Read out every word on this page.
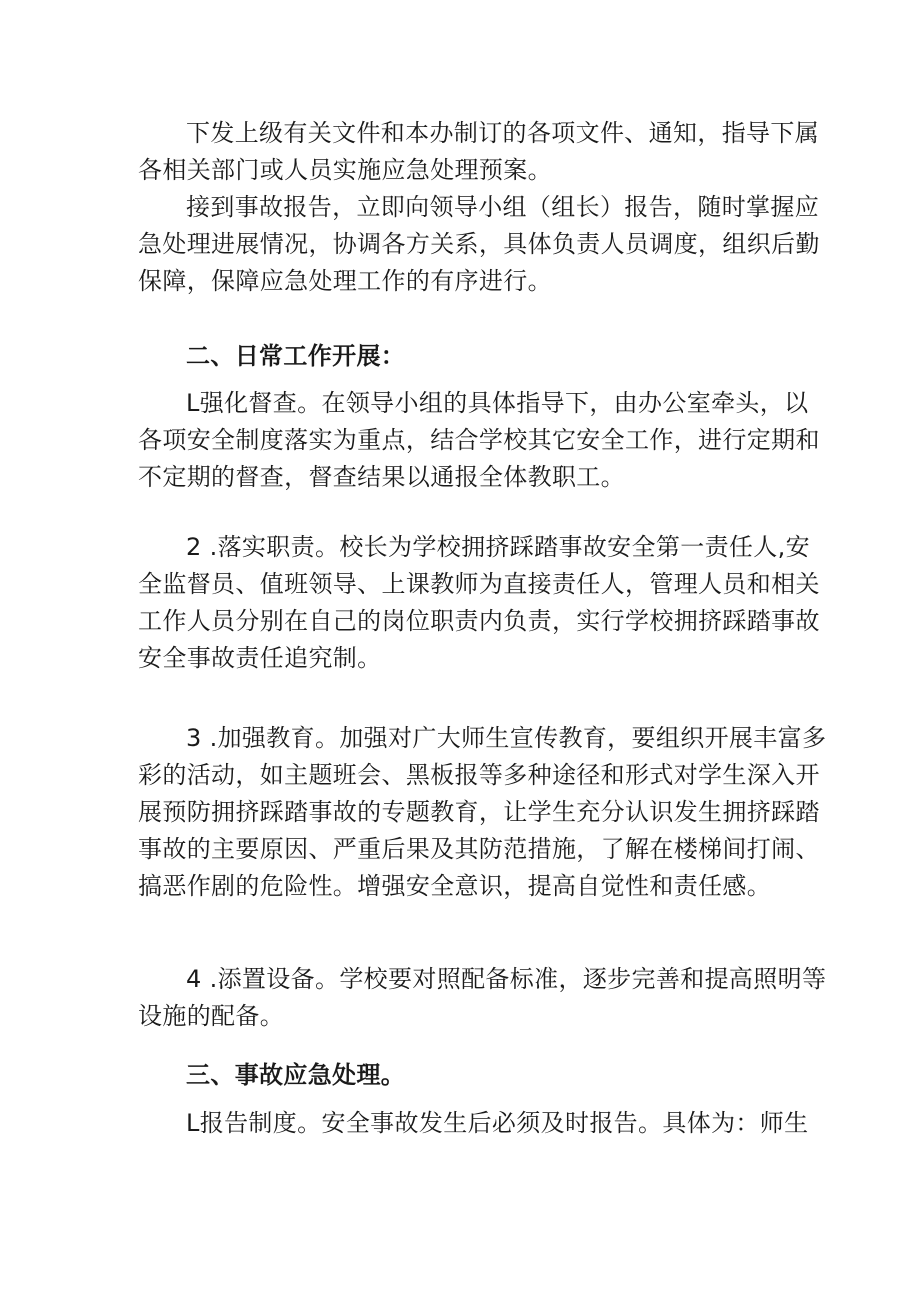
下发上级有关文件和本办制订的各项文件、通知，指导下属
各相关部门或人员实施应急处理预案。
接到事故报告，立即向领导小组（组长）报告，随时掌握应
急处理进展情况，协调各方关系，具体负责人员调度，组织后勤
保障，保障应急处理工作的有序进行。
二、日常工作开展：
L强化督查。在领导小组的具体指导下，由办公室牵头，以
各项安全制度落实为重点，结合学校其它安全工作，进行定期和
不定期的督查，督查结果以通报全体教职工。
2 .落实职责。校长为学校拥挤踩踏事故安全第一责任人,安
全监督员、值班领导、上课教师为直接责任人，管理人员和相关
工作人员分别在自己的岗位职责内负责，实行学校拥挤踩踏事故
安全事故责任追究制。
3 .加强教育。加强对广大师生宣传教育，要组织开展丰富多
彩的活动，如主题班会、黑板报等多种途径和形式对学生深入开
展预防拥挤踩踏事故的专题教育，让学生充分认识发生拥挤踩踏
事故的主要原因、严重后果及其防范措施，了解在楼梯间打闹、
搞恶作剧的危险性。增强安全意识，提高自觉性和责任感。
4 .添置设备。学校要对照配备标准，逐步完善和提高照明等
设施的配备。
三、事故应急处理。
L报告制度。安全事故发生后必须及时报告。具体为：师生
